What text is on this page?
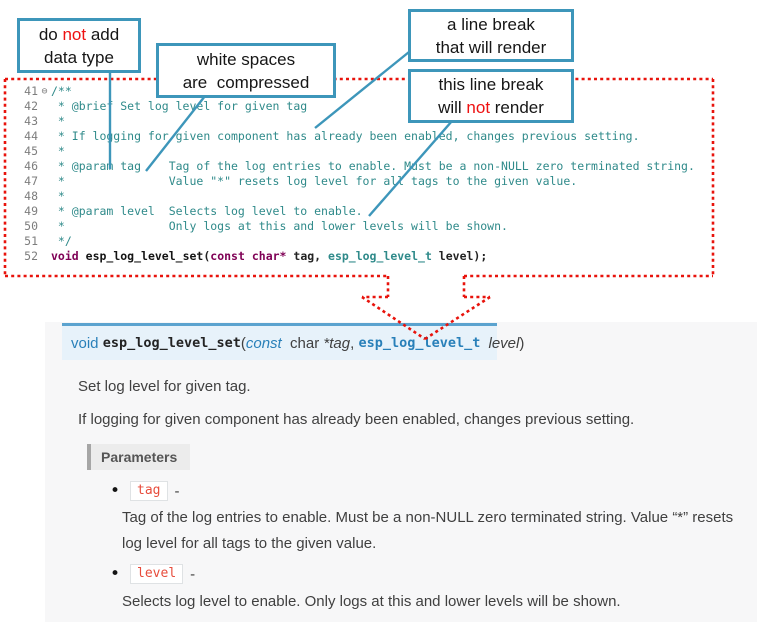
do not add
data type	white spaces
are  compressed
a line break
that will render
this line break
will not render
41 ⊖ /**
42 * @brief Set log level for given tag
43 *
44 * If logging for given component has already been enabled, changes previous setting.
45 *
46 * @param tag    Tag of the log entries to enable. Must be a non-NULL zero terminated string.
47 *               Value "*" resets log level for all tags to the given value.
48 *
49 * @param level  Selects log level to enable.
50 *               Only logs at this and lower levels will be shown.
51 */
52 void esp_log_level_set(const char* tag, esp_log_level_t level);
void esp_log_level_set ( const char *tag , esp_log_level_t level )
Set log level for given tag.
If logging for given component has already been enabled, changes previous setting.
Parameters
•
tag -
Tag of the log entries to enable. Must be a non-NULL zero terminated string. Value “*” resets log level for all tags to the given value.
•
level -
Selects log level to enable. Only logs at this and lower levels will be shown.
